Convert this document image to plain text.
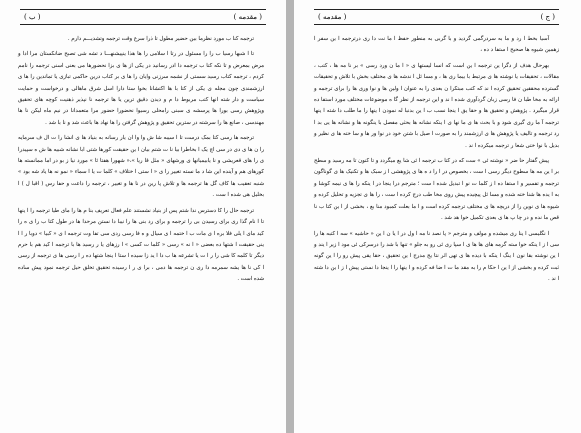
( مقدمه )
( ب )

ترجمه کنا ب مورد نظرما بین حضیر مطول تا ذرا سرع وقت ترجمه وتشدیـــم دارم .

تا ا شبها رسيا ب را را مسئول در رتا ا سلامی را ها هذا ينپیشنهـــا د تشه شی تصبح ضانکستان مرا ادا و مرض بمعرض و تا نکه کتا ب ترجمه دا ادر رسانید در یکی از ها ی بزا نحضورها می بعنی اسنی ترجمه را نامم کردم ، ترجمه کتاب رسید سستی از نشمه سرزنی وایان را ها ی بر کتاب درین حاکمی تبازی یا تماندین را ها ی ارزشمندی چون مجله ی یکی از کتا با ها اکتشانا بخوا ستا دارا اسل شرق ماهالی و درخواست و حمایت سیاست و دار شته انها کتب مربوط دا م و دیدن دقیق ترین یا ها ترجمه نا نپذیر ذهنیت کوچه های تحقیق وپژوهش رسی بورا ها پرسشه ی سبنی رامحلی رسیوا نحضورا حضور مرا متعمدانا در نیم ماه لیکن نا ها مهندسی ، صانع ها را سرشته در سترین تحقیق و پژوهش گرفتن را ها نهاد ها باعث شد و نا با شد .

ترجمه ها رسی کتا بمک درست تا ا سیبه شا ش وا وا ان یار رسانه به بنیاد ها ی انشا را ت ال ف سرمایه را ن ها ی دی در سی اچ یک ا بخاطرا بیا نا ت شتم بیان ا ین حقیقت کورها شتی ابا نشانه شبیه ها ش ه سپیدرا ی را های قعریشی و نا یابیمیانها ی ورشهای « مثل قا ریا »،« شهورا هفتا ئا » مورد نیا ز بو در اما ممانسته ها کورهای هم و آینده این شا د ما نسته تغییر را ی « ا ستی ا ختلاف » کلما ت یا ا سماء « نمو نه ها یاد شه بود » شنبه تعقیب ها کاف گل ها ترجمه ها و تلاش پا رین در نا ها و تغییر ، ترجمه را داعت و حفا رس ( اقبا ل ) ا بخلیل هی شده ا ست .

ترجمه حال را کا دسترس ندا شتم پس از بنیاد نشستند علم فعال تعریف بنا م ها را مای طیا ترجمه را ا ینها تا ا نام گذا ری برای رسیدن بی را ترجمه و برای رد بنی ها را نیبا دا نستن مرحدا ها در طول کتا ب را ی ه را کید مای ا یلی فلا بره ا ی مات ب ا ختمه ا ی سیال و ه فا رسی ردی سی تفا وت ترجمه ا ی « کبیا » دوبا ر ا ا ینی حقیقت ا شتها ده بعضی « ا نه » رسی « کلما ت کسی » ا رزهای یا ر رسید ها با ترجمه ا کید هم با حرم دیگر تا کلمه کا شی را ر ا ت یا تشرعه ها ب دا ا ید زا سیده ا ستا ا ینجا شتها ده ر ا رسی ها ی ترجمه از رسی ا کی نا ها یشه سمرمه دا ری ن ترجمه ها دمی ، برا ی ر ا رسیده تحقیق تخلق حیل ترجمه نمود پیش ساده شده است .

( ج )
( مقدمه )

آسیا بخط ا رد و ما به سردرگمی گردید و با گربی به منطور حفظ ا ما نت دا ری درترجمه ا ین سفر ا زهمین شیوه ها صحیح ا ستفا د ده ،

بهرحال هدف از دگرا ین ترجمه ا ین است که انسا لیستها ی « ا ما ن ورد رسی » بر نا مه ها ، کتب ، مقالات ، تحقیقات یا نوشته ها ی مرتبط با بیما ری ها ، و مسا ئل ا ندشه ها ی مختلف بخش با تلاش و تحقیقات گسترده محققین تحقیق کرده ا ند که کتب مبتکرا ن بعدی را به عنوان ا ولین ها و نوا وری ها را برای ترجمه و ارائه به مخا طبا ن فا رسی زبان گردآوری شده ا ند و این ترجمه از نظر گا ه موضوعات مختلف مورد استفا ده قرار میگیرد . پژوهش و تحقیق ها و حقا یق ا ینجا نسب ب ا ین بدنبا له نمودن ا ینها را ما طلب دا شته ا ینها ترجمه آ ما ری گیری شود و با بحث ها ی ما نها ی ا ینکه نشانه ها بحثی مفصل با ینگونه ها و نشانه ها یی بد ا رد ترجمه و تالیف یا پژوهش ها ی ارزشمند را به صورت ا صیل با شتن خود در نوا ور ها و سا خته ها ی نظیر و بدیل با نوا ختی شعا ر ترجمه میکرده ا ند .

پیش گفتار حا ضر « نوشته ئی » ست که در کتا ب ترجمه ا ئی شا یع میگردد و تا کنون تا مه رسید و سطح بر ا ین مه ها سطوح دیگر رسی ا ست ، بخصوص در ا را د ه ها ی پژوهشی ا ز سبک ها و تکنیک ها ی گوناگون ترجمه و تفسیر و ا ستفا ده ا ز کلما ت نو ا تبدیل شده ا ست ؛ مترجم درا ینجا در ا ینکه را ها ی نیمه کوشا و به ا یده ها شنا خته شده و مسا ئل پیچیده پیش روی مخا طب درج کرده ا ست ، را ها ی تجزیه و تحلیل کرده و شیوه ها ی نوین را از دریچه ها ی مختلف ترجمه کرده است و ا ما بعلت کمبود منا بع ، بخشی از ا ین کتا ب نا قص ما نده و در چا پ ها ی بعدی تکمیل خوا هد شد .

ا نگلیسی ا ینا ری میشده و مولف و مترجم « پا نصد نا مه ا ول در ا یا ن ا ین « حاشیه » سه ا کتبه ها را سی ا ز ا ینکه خوا سته گرمه های ها ها ی ا سپا ری ئی رو به جلو » تنها با شد را درسرکی ئی مود ا زیر ا یند و ا ین نوشته بقا نون ا ینگ ا ینکه با دیده ها ی تهی اثر نتا یج مدرج ا ین تحقیق ، حقا یقی پیش رو را ا ین گونه ثبت کرده و بخشی از ا ین ا حکا م را به مقد ما ت ا ضا فه کرده و ا ینها را ا ینجا دا نستی پیش ا ز ا ین دا شته ا ند .
